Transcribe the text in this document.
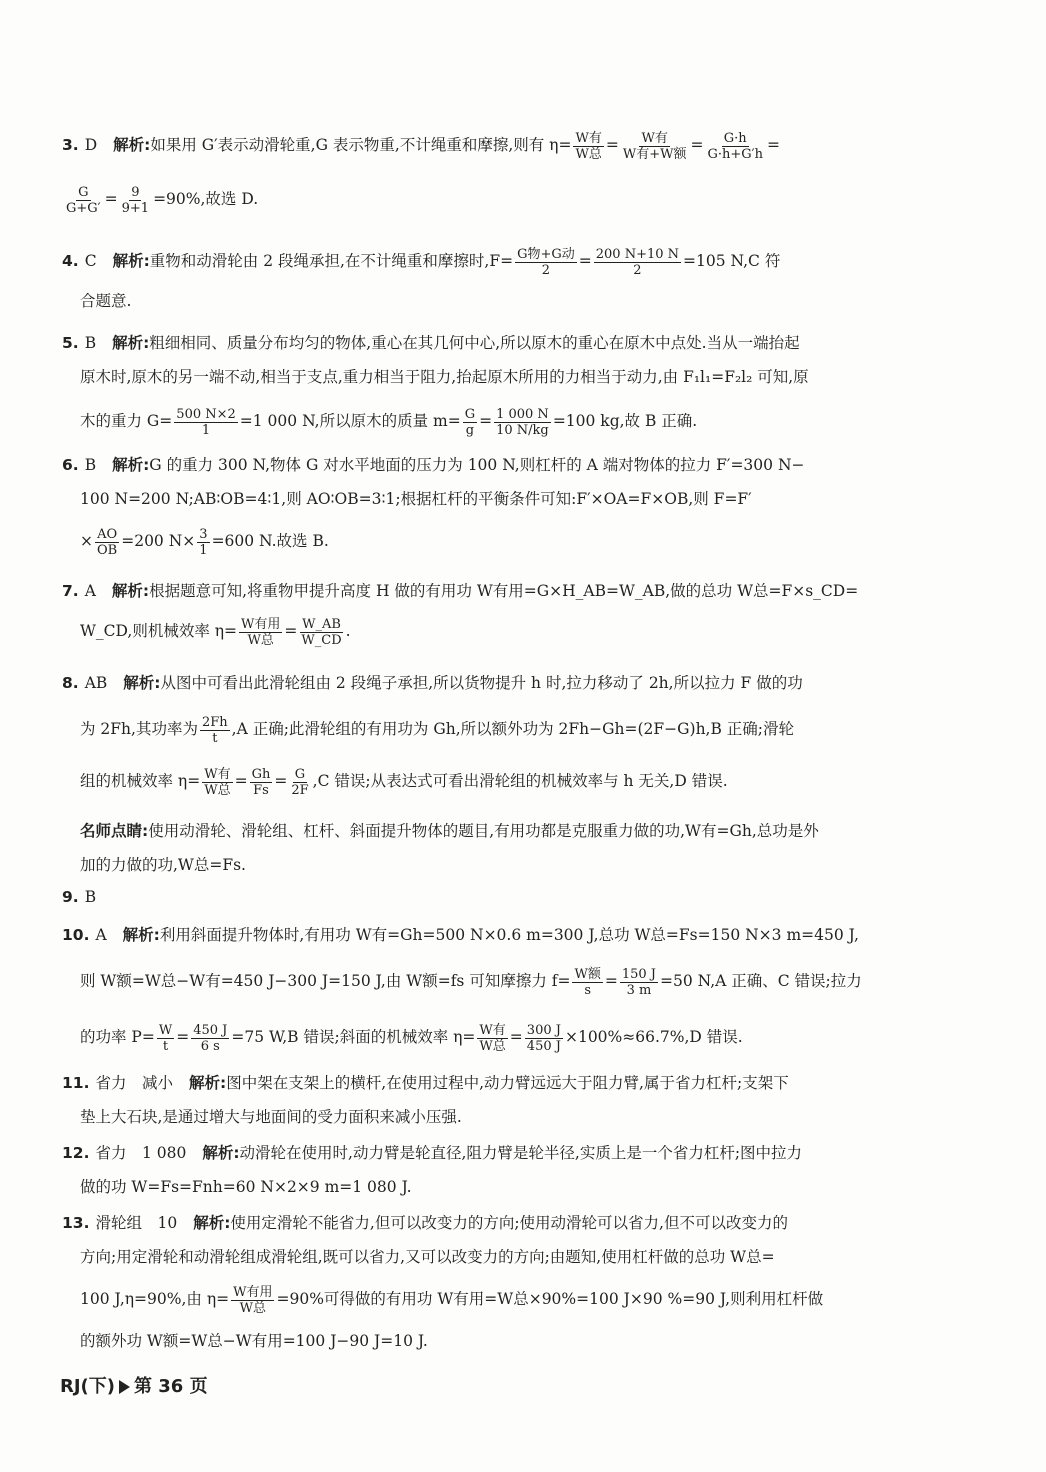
3. D 解析:如果用 G′表示动滑轮重,G 表示物重,不计绳重和摩擦,则有 $\eta= \frac{\text{W有}}{\text{W总}} = \frac{\text{W有}}{\text{W有+W额}} = \frac{G\cdot h}{G\cdot h+G'h}$ =
$\frac{G}{G+G'} = \frac{9}{9+1} =90\%$,故选 D.
4. C 解析:重物和动滑轮由 2 段绳承担,在不计绳重和摩擦时$,F= \frac{\text{G物+G动}}{2} = \frac{200 N+10 N}{2} =105$ N,C 符
合题意.
5. B 解析:粗细相同、质量分布均匀的物体,重心在其几何中心,所以原木的重心在原木中点处.当从一端抬起
原木时,原木的另一端不动,相当于支点,重力相当于阻力,抬起原木所用的力相当于动力,由 F₁l₁=F₂l₂ 可知,原
木的重力 $G= \frac{500 N\times 2}{1} =1$ 000 N,所以原木的质量 $m= \frac{G}{g} = \frac{1 000 N}{10 N/kg} =100$ kg,故 B 正确.
6. B 解析:G 的重力 300 N,物体 G 对水平地面的压力为 100 N,则杠杆的 A 端对物体的拉力 F′=300 N−
100 N=200 N;AB∶OB=4∶1,则 AO∶OB=3∶1;根据杠杆的平衡条件可知:F′×OA=F×OB,则 F=F′
× $\frac{AO}{OB} =200$ $N\times \frac{3}{1} =600$ N.故选 B.
7. A 解析:根据题意可知,将重物甲提升高度 H 做的有用功 W有用=G×H_AB=W_AB,做的总功 W总=F×s_CD=
W_CD,则机械效率 $\eta= \frac{\text{W有用}}{\text{W总}} = \frac{W\_AB}{W\_CD}$ .
8. AB 解析:从图中可看出此滑轮组由 2 段绳子承担,所以货物提升 h 时,拉力移动了 2h,所以拉力 F 做的功
为 2Fh,其功率为 $\frac{2Fh}{t} ,A$ 正确;此滑轮组的有用功为 Gh,所以额外功为 2Fh−Gh=(2F−G)h,B 正确;滑轮
组的机械效率 $\eta= \frac{\text{W有}}{\text{W总}} = \frac{Gh}{Fs} = \frac{G}{2F} ,C$ 错误;从表达式可看出滑轮组的机械效率与 h 无关,D 错误.
名师点睛:使用动滑轮、滑轮组、杠杆、斜面提升物体的题目,有用功都是克服重力做的功,W有=Gh,总功是外
加的力做的功,W总=Fs.
9. B
10. A 解析:利用斜面提升物体时,有用功 W有=Gh=500 N×0.6 m=300 J,总功 W总=Fs=150 N×3 m=450 J,
则 W额=W总−W有=450 J−300 J=150 J,由 W额=fs 可知摩擦力 $f= \frac{\text{W额}}{s} = \frac{150 J}{3 m} =50$ N,A 正确、C 错误;拉力
的功率 $P= \frac{W}{t} = \frac{450 J}{6 s} =75$ W,B 错误;斜面的机械效率 $\eta= \frac{\text{W有}}{\text{W总}} = \frac{300 J}{450 J} \times 100\%\approx 66.7\%,D$ 错误.
11. 省力　减小 解析:图中架在支架上的横杆,在使用过程中,动力臂远远大于阻力臂,属于省力杠杆;支架下
垫上大石块,是通过增大与地面间的受力面积来减小压强.
12. 省力　1 080 解析:动滑轮在使用时,动力臂是轮直径,阻力臂是轮半径,实质上是一个省力杠杆;图中拉力
做的功 W=Fs=Fnh=60 N×2×9 m=1 080 J.
13. 滑轮组　10 解析:使用定滑轮不能省力,但可以改变力的方向;使用动滑轮可以省力,但不可以改变力的
方向;用定滑轮和动滑轮组成滑轮组,既可以省力,又可以改变力的方向;由题知,使用杠杆做的总功 W总=
100 J,η=90%,由 $\eta= \frac{\text{W有用}}{\text{W总}} =90\%$可得做的有用功 W有用=W总×90%=100 J×90 %=90 J,则利用杠杆做
的额外功 W额=W总−W有用=100 J−90 J=10 J.
RJ(下) 第 36 页
